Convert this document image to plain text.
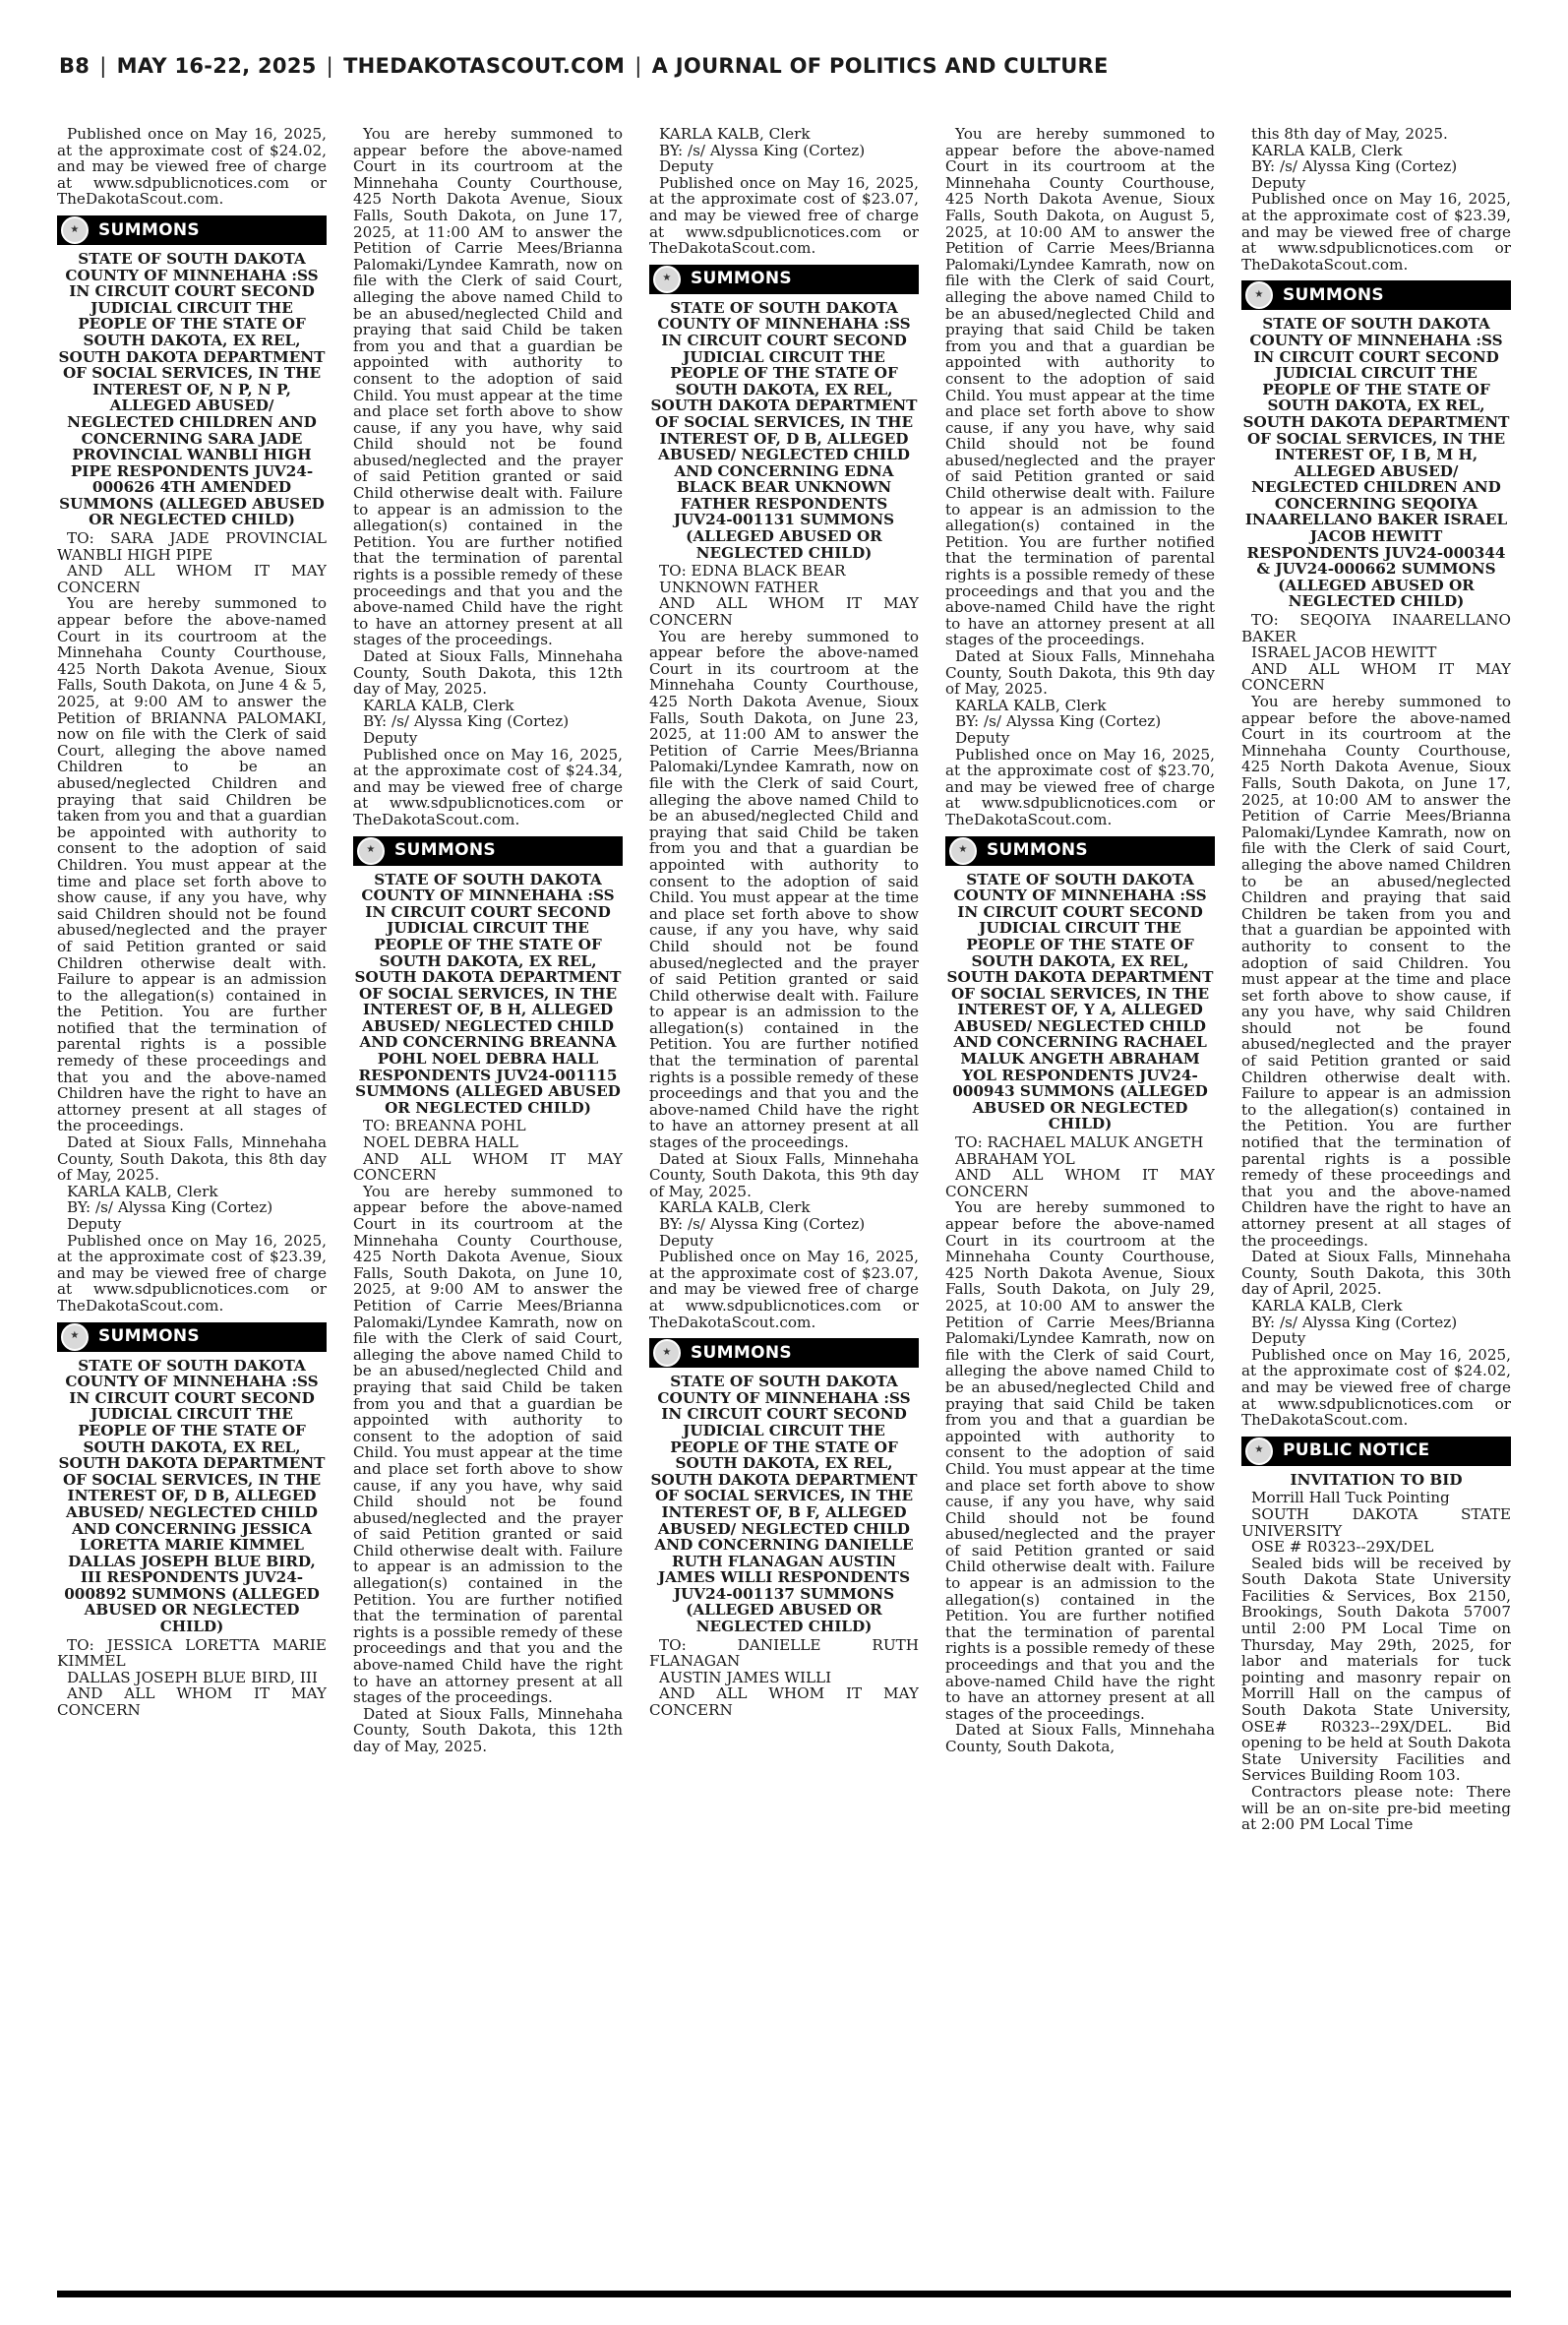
B8 | MAY 16-22, 2025 | THEDAKOTASCOUT.COM | A JOURNAL OF POLITICS AND CULTURE

Published once on May 16, 2025, at the approximate cost of $24.02, and may be viewed free of charge at www.sdpublicnotices.com or TheDakotaScout.com.

★	SUMMONS
STATE OF SOUTH DAKOTA COUNTY OF MINNEHAHA :SS IN CIRCUIT COURT SECOND JUDICIAL CIRCUIT THE PEOPLE OF THE STATE OF SOUTH DAKOTA, EX REL, SOUTH DAKOTA DEPARTMENT OF SOCIAL SERVICES, IN THE INTEREST OF, N P, N P, ALLEGED ABUSED/ NEGLECTED CHILDREN AND CONCERNING SARA JADE PROVINCIAL WANBLI HIGH PIPE RESPONDENTS JUV24-000626 4TH AMENDED SUMMONS (ALLEGED ABUSED OR NEGLECTED CHILD)

TO: SARA JADE PROVINCIAL WANBLI HIGH PIPE

AND ALL WHOM IT MAY CONCERN

You are hereby summoned to appear before the above-named Court in its courtroom at the Minnehaha County Courthouse, 425 North Dakota Avenue, Sioux Falls, South Dakota, on June 4 & 5, 2025, at 9:00 AM to answer the Petition of BRIANNA PALOMAKI, now on file with the Clerk of said Court, alleging the above named Children to be an abused/neglected Children and praying that said Children be taken from you and that a guardian be appointed with authority to consent to the adoption of said Children. You must appear at the time and place set forth above to show cause, if any you have, why said Children should not be found abused/neglected and the prayer of said Petition granted or said Children otherwise dealt with. Failure to appear is an admission to the allegation(s) contained in the Petition. You are further notified that the termination of parental rights is a possible remedy of these proceedings and that you and the above-named Children have the right to have an attorney present at all stages of the proceedings.

Dated at Sioux Falls, Minnehaha County, South Dakota, this 8th day of May, 2025.

KARLA KALB, Clerk

BY: /s/ Alyssa King (Cortez)

Deputy

Published once on May 16, 2025, at the approximate cost of $23.39, and may be viewed free of charge at www.sdpublicnotices.com or TheDakotaScout.com.

★	SUMMONS
STATE OF SOUTH DAKOTA COUNTY OF MINNEHAHA :SS IN CIRCUIT COURT SECOND JUDICIAL CIRCUIT THE PEOPLE OF THE STATE OF SOUTH DAKOTA, EX REL, SOUTH DAKOTA DEPARTMENT OF SOCIAL SERVICES, IN THE INTEREST OF, D B, ALLEGED ABUSED/ NEGLECTED CHILD AND CONCERNING JESSICA LORETTA MARIE KIMMEL DALLAS JOSEPH BLUE BIRD, III RESPONDENTS JUV24-000892 SUMMONS (ALLEGED ABUSED OR NEGLECTED CHILD)

TO: JESSICA LORETTA MARIE KIMMEL

DALLAS JOSEPH BLUE BIRD, III

AND ALL WHOM IT MAY CONCERN

You are hereby summoned to appear before the above-named Court in its courtroom at the Minnehaha County Courthouse, 425 North Dakota Avenue, Sioux Falls, South Dakota, on June 17, 2025, at 11:00 AM to answer the Petition of Carrie Mees/Brianna Palomaki/Lyndee Kamrath, now on file with the Clerk of said Court, alleging the above named Child to be an abused/neglected Child and praying that said Child be taken from you and that a guardian be appointed with authority to consent to the adoption of said Child. You must appear at the time and place set forth above to show cause, if any you have, why said Child should not be found abused/neglected and the prayer of said Petition granted or said Child otherwise dealt with. Failure to appear is an admission to the allegation(s) contained in the Petition. You are further notified that the termination of parental rights is a possible remedy of these proceedings and that you and the above-named Child have the right to have an attorney present at all stages of the proceedings.

Dated at Sioux Falls, Minnehaha County, South Dakota, this 12th day of May, 2025.

KARLA KALB, Clerk

BY: /s/ Alyssa King (Cortez)

Deputy

Published once on May 16, 2025, at the approximate cost of $24.34, and may be viewed free of charge at www.sdpublicnotices.com or TheDakotaScout.com.

★	SUMMONS
STATE OF SOUTH DAKOTA COUNTY OF MINNEHAHA :SS IN CIRCUIT COURT SECOND JUDICIAL CIRCUIT THE PEOPLE OF THE STATE OF SOUTH DAKOTA, EX REL, SOUTH DAKOTA DEPARTMENT OF SOCIAL SERVICES, IN THE INTEREST OF, B H, ALLEGED ABUSED/ NEGLECTED CHILD AND CONCERNING BREANNA POHL NOEL DEBRA HALL RESPONDENTS JUV24-001115 SUMMONS (ALLEGED ABUSED OR NEGLECTED CHILD)

TO: BREANNA POHL

NOEL DEBRA HALL

AND ALL WHOM IT MAY CONCERN

You are hereby summoned to appear before the above-named Court in its courtroom at the Minnehaha County Courthouse, 425 North Dakota Avenue, Sioux Falls, South Dakota, on June 10, 2025, at 9:00 AM to answer the Petition of Carrie Mees/Brianna Palomaki/Lyndee Kamrath, now on file with the Clerk of said Court, alleging the above named Child to be an abused/neglected Child and praying that said Child be taken from you and that a guardian be appointed with authority to consent to the adoption of said Child. You must appear at the time and place set forth above to show cause, if any you have, why said Child should not be found abused/neglected and the prayer of said Petition granted or said Child otherwise dealt with. Failure to appear is an admission to the allegation(s) contained in the Petition. You are further notified that the termination of parental rights is a possible remedy of these proceedings and that you and the above-named Child have the right to have an attorney present at all stages of the proceedings.

Dated at Sioux Falls, Minnehaha County, South Dakota, this 12th day of May, 2025.

KARLA KALB, Clerk

BY: /s/ Alyssa King (Cortez)

Deputy

Published once on May 16, 2025, at the approximate cost of $23.07, and may be viewed free of charge at www.sdpublicnotices.com or TheDakotaScout.com.

★	SUMMONS
STATE OF SOUTH DAKOTA COUNTY OF MINNEHAHA :SS IN CIRCUIT COURT SECOND JUDICIAL CIRCUIT THE PEOPLE OF THE STATE OF SOUTH DAKOTA, EX REL, SOUTH DAKOTA DEPARTMENT OF SOCIAL SERVICES, IN THE INTEREST OF, D B, ALLEGED ABUSED/ NEGLECTED CHILD AND CONCERNING EDNA BLACK BEAR UNKNOWN FATHER RESPONDENTS JUV24-001131 SUMMONS (ALLEGED ABUSED OR NEGLECTED CHILD)

TO: EDNA BLACK BEAR

UNKNOWN FATHER

AND ALL WHOM IT MAY CONCERN

You are hereby summoned to appear before the above-named Court in its courtroom at the Minnehaha County Courthouse, 425 North Dakota Avenue, Sioux Falls, South Dakota, on June 23, 2025, at 11:00 AM to answer the Petition of Carrie Mees/Brianna Palomaki/Lyndee Kamrath, now on file with the Clerk of said Court, alleging the above named Child to be an abused/neglected Child and praying that said Child be taken from you and that a guardian be appointed with authority to consent to the adoption of said Child. You must appear at the time and place set forth above to show cause, if any you have, why said Child should not be found abused/neglected and the prayer of said Petition granted or said Child otherwise dealt with. Failure to appear is an admission to the allegation(s) contained in the Petition. You are further notified that the termination of parental rights is a possible remedy of these proceedings and that you and the above-named Child have the right to have an attorney present at all stages of the proceedings.

Dated at Sioux Falls, Minnehaha County, South Dakota, this 9th day of May, 2025.

KARLA KALB, Clerk

BY: /s/ Alyssa King (Cortez)

Deputy

Published once on May 16, 2025, at the approximate cost of $23.07, and may be viewed free of charge at www.sdpublicnotices.com or TheDakotaScout.com.

★	SUMMONS
STATE OF SOUTH DAKOTA COUNTY OF MINNEHAHA :SS IN CIRCUIT COURT SECOND JUDICIAL CIRCUIT THE PEOPLE OF THE STATE OF SOUTH DAKOTA, EX REL, SOUTH DAKOTA DEPARTMENT OF SOCIAL SERVICES, IN THE INTEREST OF, B F, ALLEGED ABUSED/ NEGLECTED CHILD AND CONCERNING DANIELLE RUTH FLANAGAN AUSTIN JAMES WILLI RESPONDENTS JUV24-001137 SUMMONS (ALLEGED ABUSED OR NEGLECTED CHILD)

TO: DANIELLE RUTH FLANAGAN

AUSTIN JAMES WILLI

AND ALL WHOM IT MAY CONCERN

You are hereby summoned to appear before the above-named Court in its courtroom at the Minnehaha County Courthouse, 425 North Dakota Avenue, Sioux Falls, South Dakota, on August 5, 2025, at 10:00 AM to answer the Petition of Carrie Mees/Brianna Palomaki/Lyndee Kamrath, now on file with the Clerk of said Court, alleging the above named Child to be an abused/neglected Child and praying that said Child be taken from you and that a guardian be appointed with authority to consent to the adoption of said Child. You must appear at the time and place set forth above to show cause, if any you have, why said Child should not be found abused/neglected and the prayer of said Petition granted or said Child otherwise dealt with. Failure to appear is an admission to the allegation(s) contained in the Petition. You are further notified that the termination of parental rights is a possible remedy of these proceedings and that you and the above-named Child have the right to have an attorney present at all stages of the proceedings.

Dated at Sioux Falls, Minnehaha County, South Dakota, this 9th day of May, 2025.

KARLA KALB, Clerk

BY: /s/ Alyssa King (Cortez)

Deputy

Published once on May 16, 2025, at the approximate cost of $23.70, and may be viewed free of charge at www.sdpublicnotices.com or TheDakotaScout.com.

★	SUMMONS
STATE OF SOUTH DAKOTA COUNTY OF MINNEHAHA :SS IN CIRCUIT COURT SECOND JUDICIAL CIRCUIT THE PEOPLE OF THE STATE OF SOUTH DAKOTA, EX REL, SOUTH DAKOTA DEPARTMENT OF SOCIAL SERVICES, IN THE INTEREST OF, Y A, ALLEGED ABUSED/ NEGLECTED CHILD AND CONCERNING RACHAEL MALUK ANGETH ABRAHAM YOL RESPONDENTS JUV24-000943 SUMMONS (ALLEGED ABUSED OR NEGLECTED CHILD)

TO: RACHAEL MALUK ANGETH

ABRAHAM YOL

AND ALL WHOM IT MAY CONCERN

You are hereby summoned to appear before the above-named Court in its courtroom at the Minnehaha County Courthouse, 425 North Dakota Avenue, Sioux Falls, South Dakota, on July 29, 2025, at 10:00 AM to answer the Petition of Carrie Mees/Brianna Palomaki/Lyndee Kamrath, now on file with the Clerk of said Court, alleging the above named Child to be an abused/neglected Child and praying that said Child be taken from you and that a guardian be appointed with authority to consent to the adoption of said Child. You must appear at the time and place set forth above to show cause, if any you have, why said Child should not be found abused/neglected and the prayer of said Petition granted or said Child otherwise dealt with. Failure to appear is an admission to the allegation(s) contained in the Petition. You are further notified that the termination of parental rights is a possible remedy of these proceedings and that you and the above-named Child have the right to have an attorney present at all stages of the proceedings.

Dated at Sioux Falls, Minnehaha County, South Dakota,

this 8th day of May, 2025.

KARLA KALB, Clerk

BY: /s/ Alyssa King (Cortez)

Deputy

Published once on May 16, 2025, at the approximate cost of $23.39, and may be viewed free of charge at www.sdpublicnotices.com or TheDakotaScout.com.

★	SUMMONS
STATE OF SOUTH DAKOTA COUNTY OF MINNEHAHA :SS IN CIRCUIT COURT SECOND JUDICIAL CIRCUIT THE PEOPLE OF THE STATE OF SOUTH DAKOTA, EX REL, SOUTH DAKOTA DEPARTMENT OF SOCIAL SERVICES, IN THE INTEREST OF, I B, M H, ALLEGED ABUSED/ NEGLECTED CHILDREN AND CONCERNING SEQOIYA INAARELLANO BAKER ISRAEL JACOB HEWITT RESPONDENTS JUV24-000344 & JUV24-000662 SUMMONS (ALLEGED ABUSED OR NEGLECTED CHILD)

TO: SEQOIYA INAARELLANO BAKER

ISRAEL JACOB HEWITT

AND ALL WHOM IT MAY CONCERN

You are hereby summoned to appear before the above-named Court in its courtroom at the Minnehaha County Courthouse, 425 North Dakota Avenue, Sioux Falls, South Dakota, on June 17, 2025, at 10:00 AM to answer the Petition of Carrie Mees/Brianna Palomaki/Lyndee Kamrath, now on file with the Clerk of said Court, alleging the above named Children to be an abused/neglected Children and praying that said Children be taken from you and that a guardian be appointed with authority to consent to the adoption of said Children. You must appear at the time and place set forth above to show cause, if any you have, why said Children should not be found abused/neglected and the prayer of said Petition granted or said Children otherwise dealt with. Failure to appear is an admission to the allegation(s) contained in the Petition. You are further notified that the termination of parental rights is a possible remedy of these proceedings and that you and the above-named Children have the right to have an attorney present at all stages of the proceedings.

Dated at Sioux Falls, Minnehaha County, South Dakota, this 30th day of April, 2025.

KARLA KALB, Clerk

BY: /s/ Alyssa King (Cortez)

Deputy

Published once on May 16, 2025, at the approximate cost of $24.02, and may be viewed free of charge at www.sdpublicnotices.com or TheDakotaScout.com.

★	PUBLIC NOTICE
INVITATION TO BID

Morrill Hall Tuck Pointing

SOUTH DAKOTA STATE UNIVERSITY

OSE # R0323--29X/DEL

Sealed bids will be received by South Dakota State University Facilities & Services, Box 2150, Brookings, South Dakota 57007 until 2:00 PM Local Time on Thursday, May 29th, 2025, for labor and materials for tuck pointing and masonry repair on Morrill Hall on the campus of South Dakota State University, OSE# R0323--29X/DEL. Bid opening to be held at South Dakota State University Facilities and Services Building Room 103.

Contractors please note: There will be an on-site pre-bid meeting at 2:00 PM Local Time
